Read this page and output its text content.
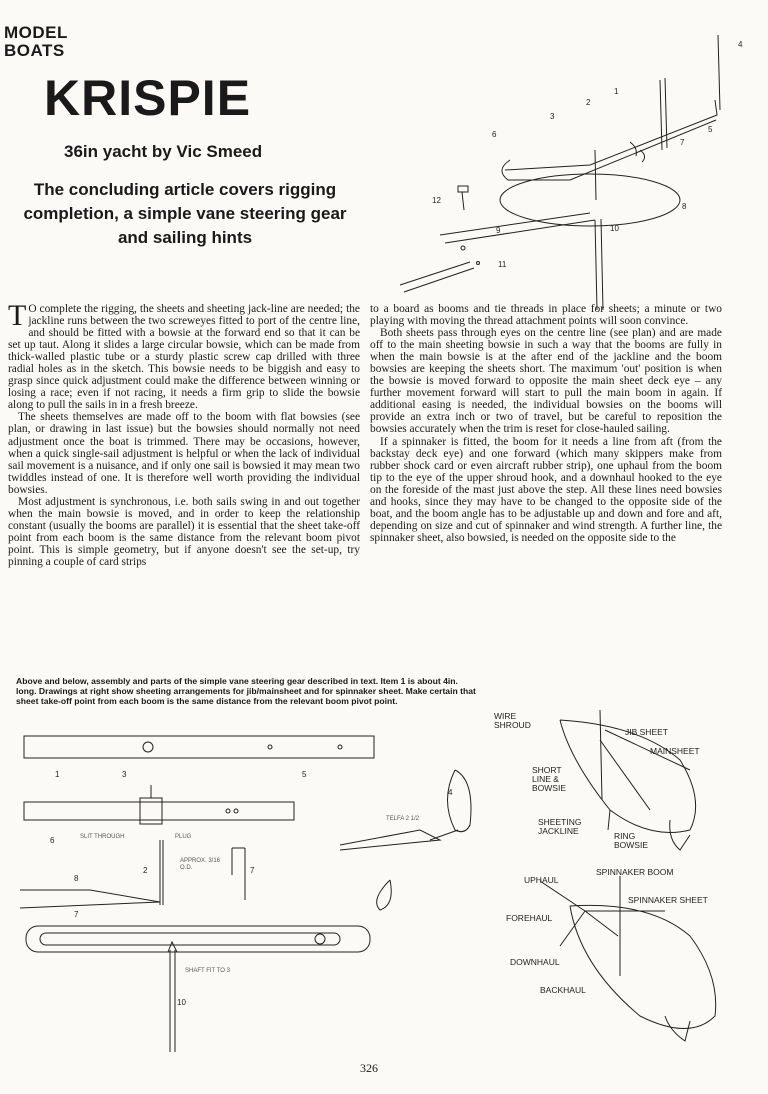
MODEL
BOATS
KRISPIE
36in yacht by Vic Smeed
The concluding article covers rigging completion, a simple vane steering gear and sailing hints
1
2
3
4
5
6
7
8
9	10
11
12

T O complete the rigging, the sheets and sheeting jack-line are needed; the jackline runs between the two screweyes fitted to port of the centre line, and should be fitted with a bowsie at the forward end so that it can be set up taut. Along it slides a large circular bowsie, which can be made from thick-walled plastic tube or a sturdy plastic screw cap drilled with three radial holes as in the sketch. This bowsie needs to be biggish and easy to grasp since quick adjustment could make the difference between winning or losing a race; even if not racing, it needs a firm grip to slide the bowsie along to pull the sails in in a fresh breeze.

The sheets themselves are made off to the boom with flat bowsies (see plan, or drawing in last issue) but the bowsies should normally not need adjustment once the boat is trimmed. There may be occasions, however, when a quick single-sail adjustment is helpful or when the lack of individual sail movement is a nuisance, and if only one sail is bowsied it may mean two twiddles instead of one. It is therefore well worth providing the individual bowsies.

Most adjustment is synchronous, i.e. both sails swing in and out together when the main bowsie is moved, and in order to keep the relationship constant (usually the booms are parallel) it is essential that the sheet take-off point from each boom is the same distance from the relevant boom pivot point. This is simple geometry, but if anyone doesn't see the set-up, try pinning a couple of card strips

to a board as booms and tie threads in place for sheets; a minute or two playing with moving the thread attachment points will soon convince.

Both sheets pass through eyes on the centre line (see plan) and are made off to the main sheeting bowsie in such a way that the booms are fully in when the main bowsie is at the after end of the jackline and the boom bowsies are keeping the sheets short. The maximum 'out' position is when the bowsie is moved forward to opposite the main sheet deck eye – any further movement forward will start to pull the main boom in again. If additional easing is needed, the individual bowsies on the booms will provide an extra inch or two of travel, but be careful to reposition the bowsies accurately when the trim is reset for close-hauled sailing.

If a spinnaker is fitted, the boom for it needs a line from aft (from the backstay deck eye) and one forward (which many skippers make from rubber shock card or even aircraft rubber strip), one uphaul from the boom tip to the eye of the upper shroud hook, and a downhaul hooked to the eye on the foreside of the mast just above the step. All these lines need bowsies and hooks, since they may have to be changed to the opposite side of the boat, and the boom angle has to be adjustable up and down and fore and aft, depending on size and cut of spinnaker and wind strength. A further line, the spinnaker sheet, also bowsied, is needed on the opposite side to the

Above and below, assembly and parts of the simple vane steering gear described in text. Item 1 is about 4in. long. Drawings at right show sheeting arrangements for jib/mainsheet and for spinnaker sheet. Make certain that sheet take-off point from each boom is the same distance from the relevant boom pivot point.
1	3	5
4
6	SLIT THROUGH	PLUG
TELFA 2 1/2
2
APPROX. 3/16 O.D.	7
8
7
SHAFT FIT TO 3
10
WIRE SHROUD
JIB SHEET
MAINSHEET
SHORT LINE & BOWSIE
SHEETING JACKLINE	RING BOWSIE
UPHAUL
SPINNAKER BOOM
SPINNAKER SHEET
FOREHAUL
DOWNHAUL
BACKHAUL
326
